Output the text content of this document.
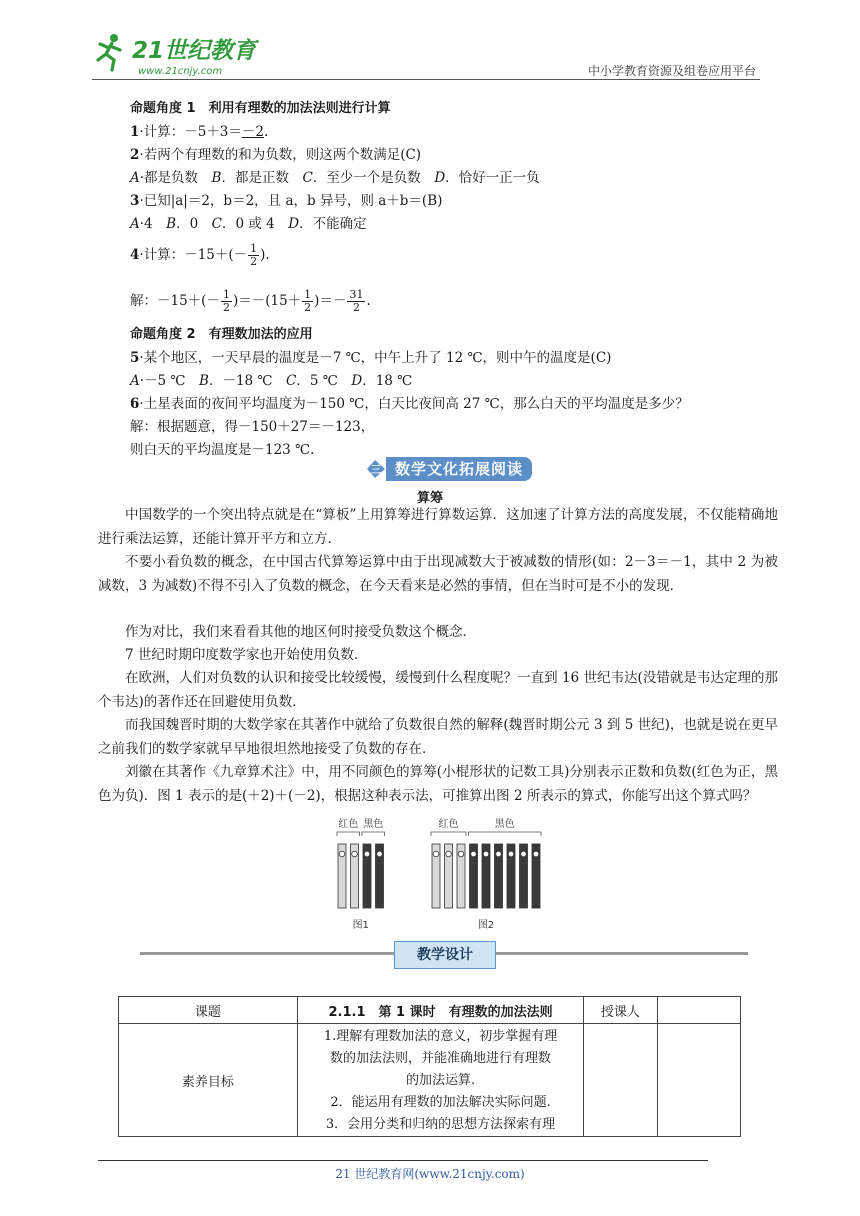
21世纪教育
www.21cnjy.com	中小学教育资源及组卷应用平台
命题角度 1　利用有理数的加法法则进行计算
1·计算：－5＋3＝－2.
2·若两个有理数的和为负数，则这两个数满足(C)
A·都是负数　 B．都是正数　 C．至少一个是负数　 D．恰好一正一负
3·已知|a|＝2，b＝2，且 a，b 异号，则 a＋b＝(B)
A·4　 B．0　 C．0 或 4　 D．不能确定
4·计算：$-15+(- \frac{1}{2}$ ).
解：$-15+(- \frac{1}{2} )=-(15+ \frac{1}{2}$ )＝－ $\frac{31}{2}$ .
命题角度 2　有理数加法的应用
5·某个地区，一天早晨的温度是－7 ℃，中午上升了 12 ℃，则中午的温度是(C)
A·－5 ℃　 B．－18 ℃　 C．5 ℃　 D．18 ℃
6·土星表面的夜间平均温度为－150 ℃，白天比夜间高 27 ℃，那么白天的平均温度是多少？
解：根据题意，得－150＋27＝－123，
则白天的平均温度是－123 ℃.
三 数学文化拓展阅读
算筹
中国数学的一个突出特点就是在“算板”上用算筹进行算数运算．这加速了计算方法的高度发展，不仅能精确地进行乘法运算，还能计算开平方和立方．
不要小看负数的概念，在中国古代算筹运算中由于出现减数大于被减数的情形(如：2－3＝－1，其中 2 为被减数，3 为减数)不得不引入了负数的概念，在今天看来是必然的事情，但在当时可是不小的发现．
作为对比，我们来看看其他的地区何时接受负数这个概念．
7 世纪时期印度数学家也开始使用负数．
在欧洲，人们对负数的认识和接受比较缓慢，缓慢到什么程度呢？一直到 16 世纪韦达(没错就是韦达定理的那个韦达)的著作还在回避使用负数．
而我国魏晋时期的大数学家在其著作中就给了负数很自然的解释(魏晋时期公元 3 到 5 世纪)，也就是说在更早之前我们的数学家就早早地很坦然地接受了负数的存在．
刘徽在其著作《九章算术注》中，用不同颜色的算筹(小棍形状的记数工具)分别表示正数和负数(红色为正，黑色为负)．图 1 表示的是(＋2)＋(－2)，根据这种表示法，可推算出图 2 所表示的算式，你能写出这个算式吗？
红色 黑色
图1
红色	黑色
图2
教学设计
课题	2.1.1　第 1 课时　有理数的加法法则	授课人	
素养目标	1.理解有理数加法的意义，初步掌握有理
数的加法法则，并能准确地进行有理数
的加法运算.
2．能运用有理数的加法解决实际问题.
3．会用分类和归纳的思想方法探索有理		

21 世纪教育网(www.21cnjy.com)
